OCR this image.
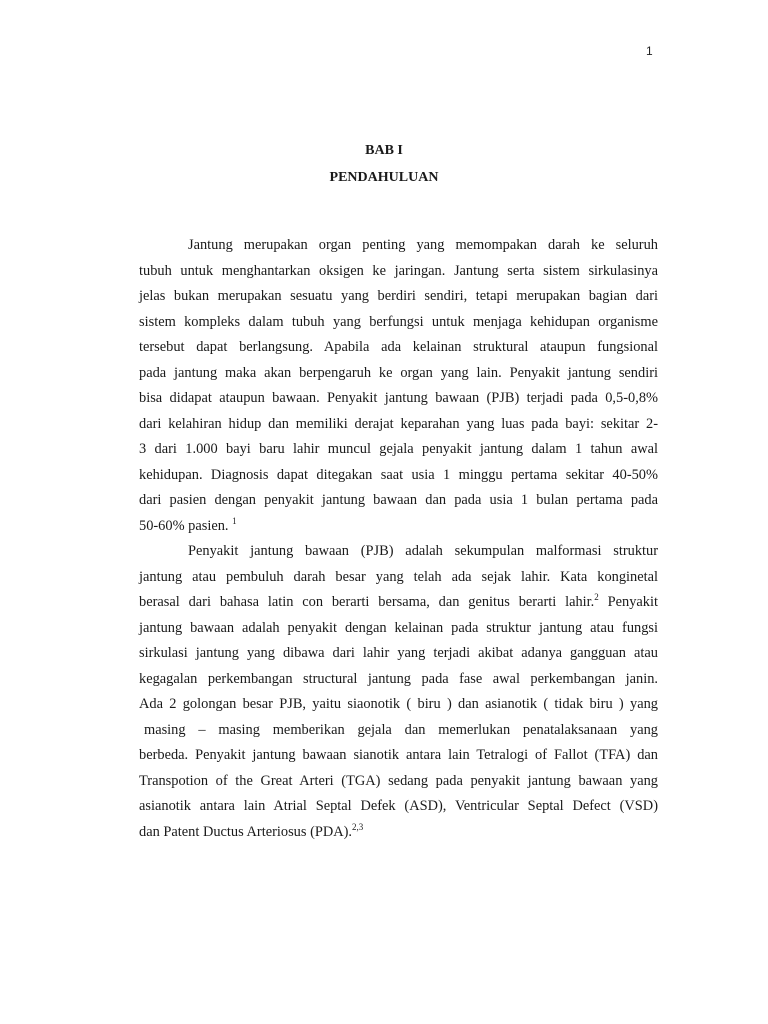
1
BAB I
PENDAHULUAN
Jantung merupakan organ penting yang memompakan darah ke seluruh
tubuh untuk menghantarkan oksigen ke jaringan. Jantung serta sistem sirkulasinya
jelas bukan merupakan sesuatu yang berdiri sendiri, tetapi merupakan bagian dari
sistem kompleks dalam tubuh yang berfungsi untuk menjaga kehidupan organisme
tersebut dapat berlangsung. Apabila ada kelainan struktural ataupun fungsional
pada jantung maka akan berpengaruh ke organ yang lain. Penyakit jantung sendiri
bisa didapat ataupun bawaan. Penyakit jantung bawaan (PJB) terjadi pada 0,5-0,8%
dari kelahiran hidup dan memiliki derajat keparahan yang luas pada bayi: sekitar 2-
3 dari 1.000 bayi baru lahir muncul gejala penyakit jantung dalam 1 tahun awal
kehidupan. Diagnosis dapat ditegakan saat usia 1 minggu pertama sekitar 40-50%
dari pasien dengan penyakit jantung bawaan dan pada usia 1 bulan pertama pada
50-60% pasien. $^1$
Penyakit jantung bawaan (PJB) adalah sekumpulan malformasi struktur
jantung atau pembuluh darah besar yang telah ada sejak lahir. Kata konginetal
berasal dari bahasa latin con berarti bersama, dan genitus berarti lahir.$^2$ Penyakit
jantung bawaan adalah penyakit dengan kelainan pada struktur jantung atau fungsi
sirkulasi jantung yang dibawa dari lahir yang terjadi akibat adanya gangguan atau
kegagalan perkembangan structural jantung pada fase awal perkembangan janin.
Ada 2 golongan besar PJB, yaitu siaonotik ( biru ) dan asianotik ( tidak biru ) yang
masing – masing memberikan gejala dan memerlukan penatalaksanaan yang
berbeda. Penyakit jantung bawaan sianotik antara lain Tetralogi of Fallot (TFA) dan
Transpotion of the Great Arteri (TGA) sedang pada penyakit jantung bawaan yang
asianotik antara lain Atrial Septal Defek (ASD), Ventricular Septal Defect (VSD)
dan Patent Ductus Arteriosus (PDA).$^{2,3}$
